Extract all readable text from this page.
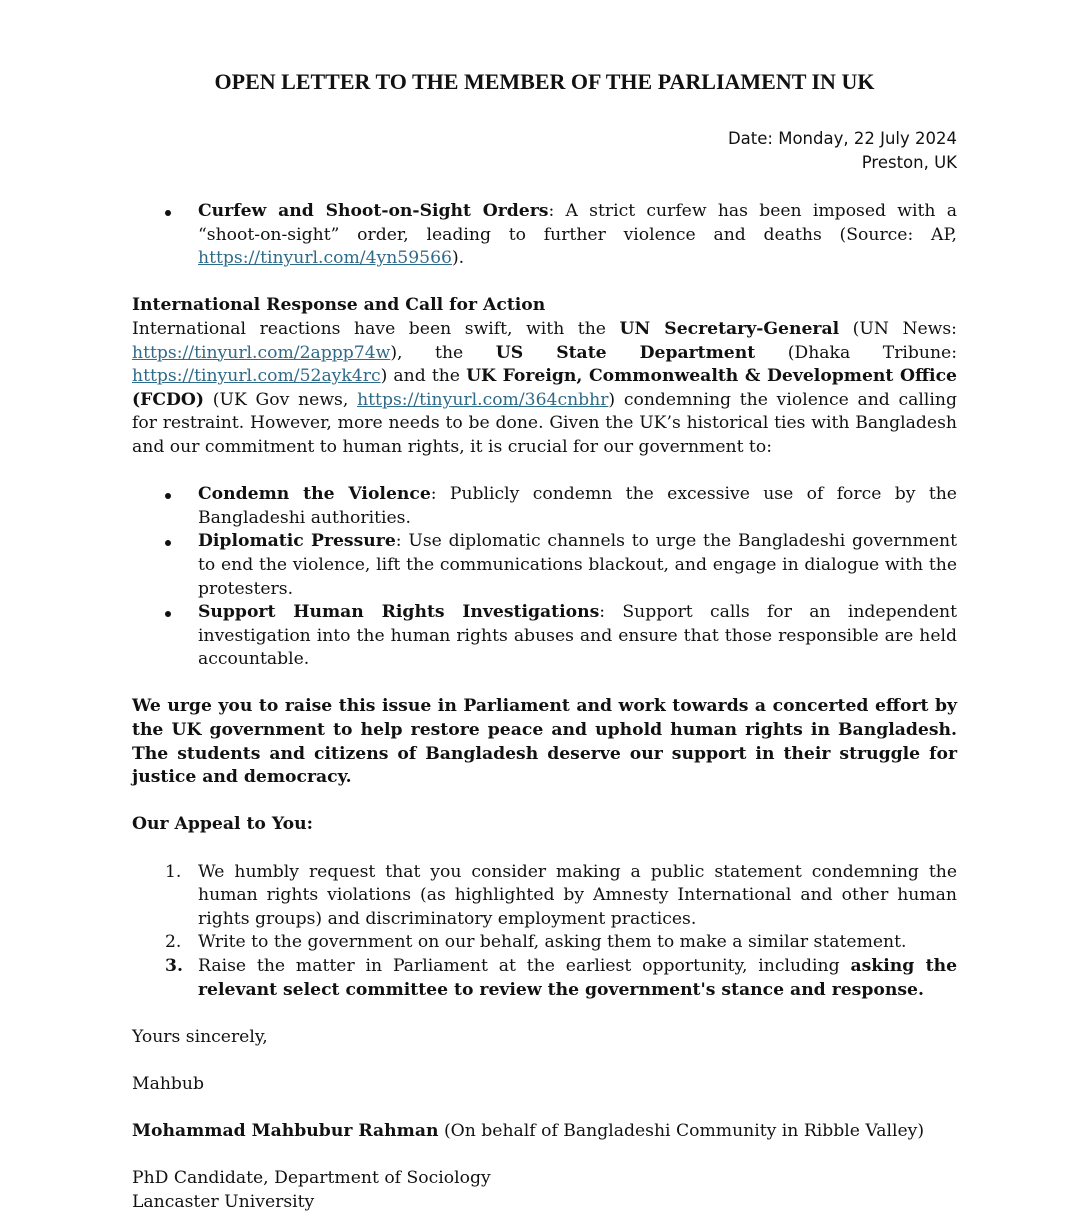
OPEN LETTER TO THE MEMBER OF THE PARLIAMENT IN UK
Date: Monday, 22 July 2024
Preston, UK
Curfew and Shoot-on-Sight Orders: A strict curfew has been imposed with a “shoot-on-sight” order, leading to further violence and deaths (Source: AP, https://tinyurl.com/4yn59566).

International Response and Call for Action

International reactions have been swift, with the UN Secretary-General (UN News: https://tinyurl.com/2appp74w), the US State Department (Dhaka Tribune: https://tinyurl.com/52ayk4rc) and the UK Foreign, Commonwealth & Development Office (FCDO) (UK Gov news, https://tinyurl.com/364cnbhr) condemning the violence and calling for restraint. However, more needs to be done. Given the UK’s historical ties with Bangladesh and our commitment to human rights, it is crucial for our government to:

Condemn the Violence: Publicly condemn the excessive use of force by the Bangladeshi authorities.
Diplomatic Pressure: Use diplomatic channels to urge the Bangladeshi government to end the violence, lift the communications blackout, and engage in dialogue with the protesters.
Support Human Rights Investigations: Support calls for an independent investigation into the human rights abuses and ensure that those responsible are held accountable.

We urge you to raise this issue in Parliament and work towards a concerted effort by the UK government to help restore peace and uphold human rights in Bangladesh. The students and citizens of Bangladesh deserve our support in their struggle for justice and democracy.

Our Appeal to You:

1. We humbly request that you consider making a public statement condemning the human rights violations (as highlighted by Amnesty International and other human rights groups) and discriminatory employment practices.
2. Write to the government on our behalf, asking them to make a similar statement.
3. Raise the matter in Parliament at the earliest opportunity, including asking the relevant select committee to review the government's stance and response.

Yours sincerely,

Mahbub

Mohammad Mahbubur Rahman (On behalf of Bangladeshi Community in Ribble Valley)

PhD Candidate, Department of Sociology

Lancaster University
